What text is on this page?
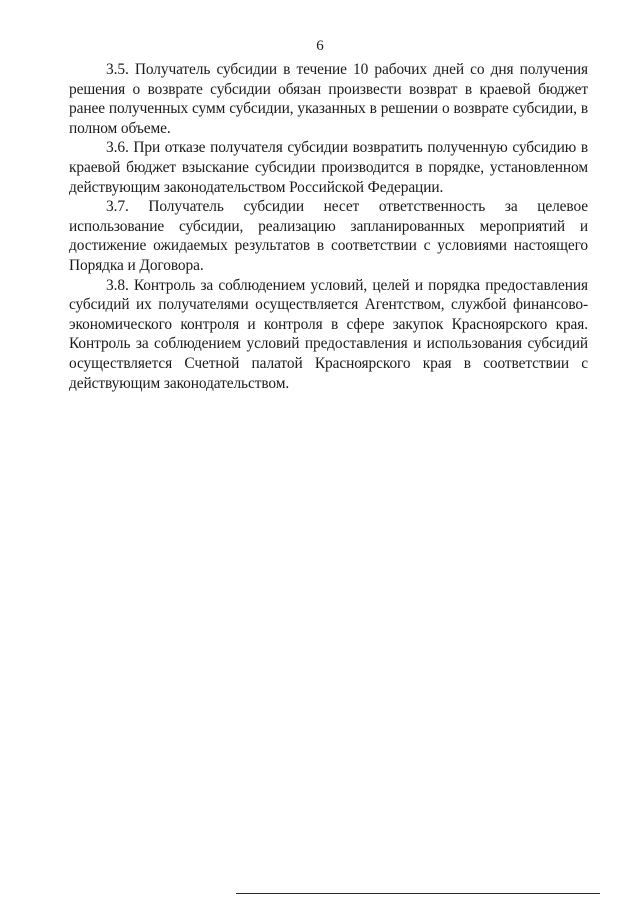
6

3.5. Получатель субсидии в течение 10 рабочих дней со дня получения решения о возврате субсидии обязан произвести возврат в краевой бюджет ранее полученных сумм субсидии, указанных в решении о возврате субсидии, в полном объеме.

3.6. При отказе получателя субсидии возвратить полученную субсидию в краевой бюджет взыскание субсидии производится в порядке, установленном действующим законодательством Российской Федерации.

3.7. Получатель субсидии несет ответственность за целевое использование субсидии, реализацию запланированных мероприятий и достижение ожидаемых результатов в соответствии с условиями настоящего Порядка и Договора.

3.8. Контроль за соблюдением условий, целей и порядка предоставления субсидий их получателями осуществляется Агентством, службой финансово-экономического контроля и контроля в сфере закупок Красноярского края. Контроль за соблюдением условий предоставления и использования субсидий осуществляется Счетной палатой Красноярского края в соответствии с действующим законодательством.
